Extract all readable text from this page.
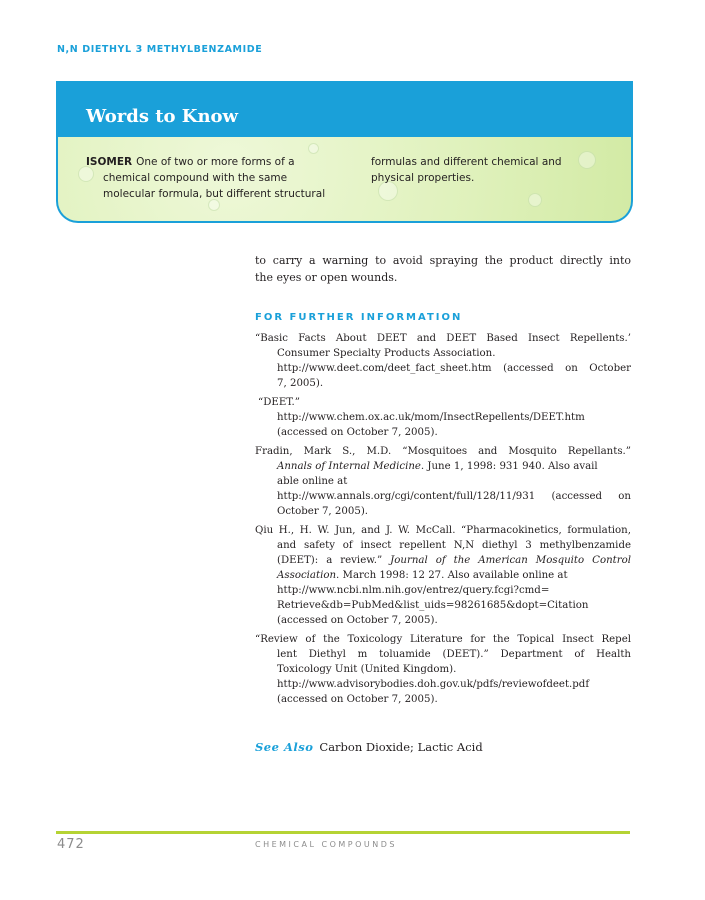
N,N DIETHYL 3 METHYLBENZAMIDE
Words to Know
ISOMER One of two or more forms of a
chemical compound with the same
molecular formula, but different structural
formulas and different chemical and
physical properties.
to carry a warning to avoid spraying the product directly into
the eyes or open wounds.
FOR FURTHER INFORMATION
“Basic Facts About DEET and DEET Based Insect Repellents.’
Consumer Specialty Products Association.
http://www.deet.com/deet_fact_sheet.htm (accessed on October
7, 2005).
“DEET.”
http://www.chem.ox.ac.uk/mom/InsectRepellents/DEET.htm
(accessed on October 7, 2005).
Fradin, Mark S., M.D. “Mosquitoes and Mosquito Repellants.”
Annals of Internal Medicine. June 1, 1998: 931 940. Also avail
able online at
http://www.annals.org/cgi/content/full/128/11/931 (accessed on
October 7, 2005).
Qiu H., H. W. Jun, and J. W. McCall. “Pharmacokinetics, formulation,
and safety of insect repellent N,N diethyl 3 methylbenzamide
(DEET): a review.” Journal of the American Mosquito Control
Association. March 1998: 12 27. Also available online at
http://www.ncbi.nlm.nih.gov/entrez/query.fcgi?cmd=
Retrieve&db=PubMed&list_uids=98261685&dopt=Citation
(accessed on October 7, 2005).
“Review of the Toxicology Literature for the Topical Insect Repel
lent Diethyl m toluamide (DEET).” Department of Health
Toxicology Unit (United Kingdom).
http://www.advisorybodies.doh.gov.uk/pdfs/reviewofdeet.pdf
(accessed on October 7, 2005).
See Also Carbon Dioxide; Lactic Acid
472	CHEMICAL COMPOUNDS
